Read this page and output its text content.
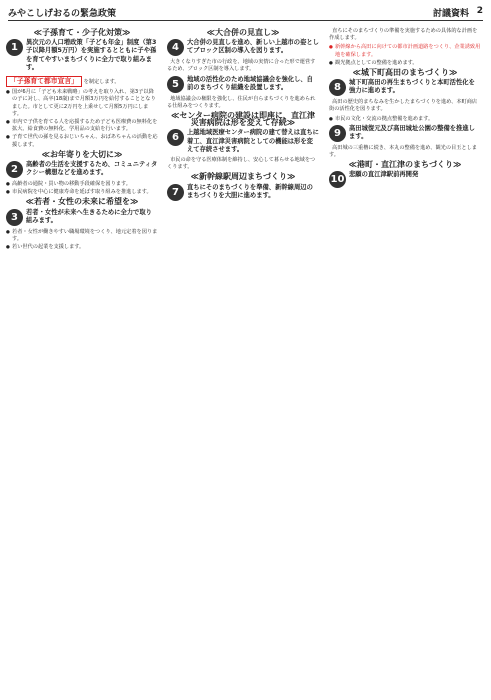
みやこしげおるの緊急政策	討議資料 2
≪子孫育て・少子化対策≫
1	異次元の人口増政策「子ども年金」制度（第3子以降月額5万円）を実施するとともに子や孫を育てやすいまちづくりに全力で取り組みます。
「子孫育て都市宣言」 を制定します。
● 国が6月に「子ども未来戦略」の考えを取り入れ、第3子以降の子に対し、高卒(18歳)まで月額3万円を給付することとなりました。市として更に2万円を上乗せして月額5万円にします。
● 市内で子供を育てる人を応援するため子ども医療費の無料化を拡大、給食費の無料化、学用品の支給を行います。
● 子育て世代の孫を見るおじいちゃん、おばあちゃんの活動を応援します。
≪お年寄りを大切に≫
2	高齢者の生活を支援するため、コミュニティタクシー構想などを進めます。
● 高齢者の通院・買い物の移動手段確保を図ります。
● 市民病院を中心に健康寿命を延ばす取り組みを推進します。
≪若者・女性の未来に希望を≫
3	若者・女性が未来へ生きるために全力で取り組みます。
● 若者・女性が働きやすい職場環境をつくり、地元定着を図ります。
● 若い世代の起業を支援します。
≪大合併の見直し≫
4	大合併の見直しを進め、新しい上越市の姿としてブロック区制の導入を図ります。

大きくなりすぎた市の行政を、地域の実情に合った形で運営するため、ブロック区制を導入します。

5	地域の活性化のため地域協議会を強化し、自前のまちづくり組織を設置します。

地域協議会の権限を強化し、住民が自らまちづくりを進められる仕組みをつくります。

≪センター病院の建設は即座に、直江津災害病院は形を変えて存続≫
6	上越地域医療センター病院の建て替えは直ちに着工、直江津災害病院としての機能は形を変えて存続させます。

市民の命を守る医療体制を維持し、安心して暮らせる地域をつくります。

≪新幹線駅周辺まちづくり≫
7	直ちにそのまちづくりを準備、新幹線周辺のまちづくりを大胆に進めます。

直ちにそのまちづくりの準備を実施するための具体的な計画を作成します。

● 新幹線から高田に向けての都市計画道路をつくり、企業誘致用地を確保します。
● 観光拠点としての整備を進めます。
≪城下町高田のまちづくり≫
8	城下町高田の再生まちづくりと本町活性化を強力に進めます。

高田の歴史的まちなみを生かしたまちづくりを進め、本町商店街の活性化を図ります。

● 市民の文化・交流の拠点整備を進めます。
9	高田城復元及び高田城址公園の整備を推進します。

高田城の三重櫓に続き、本丸の整備を進め、観光の目玉とします。

≪港町・直江津のまちづくり≫
10 悲願の直江津駅前再開発
